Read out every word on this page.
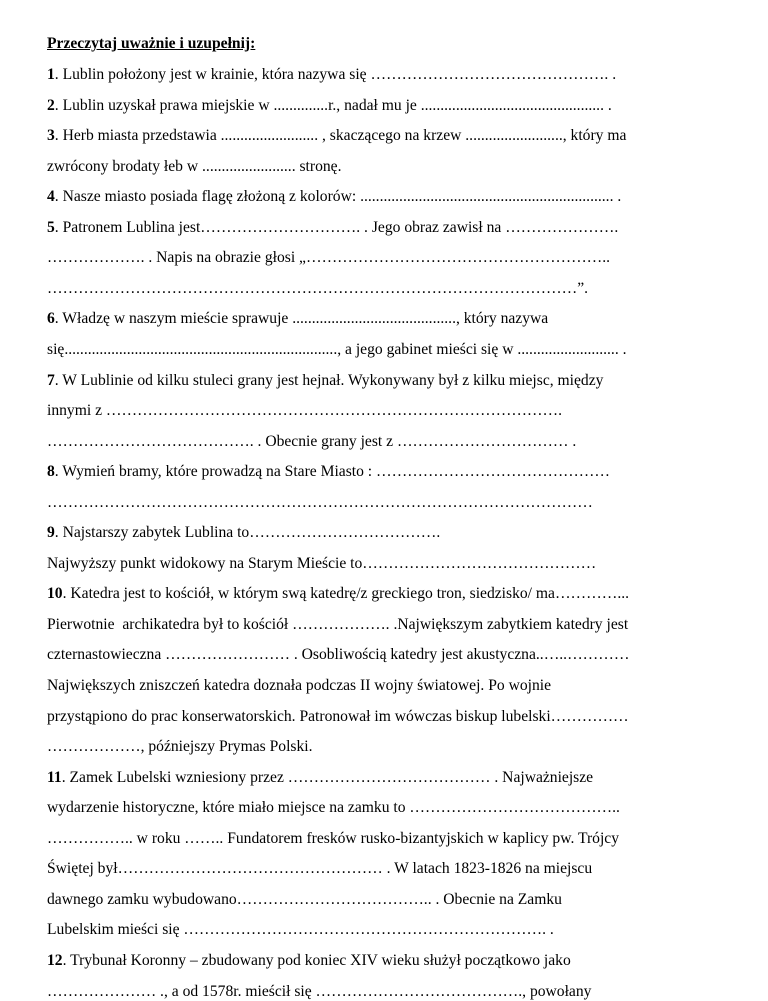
Przeczytaj uważnie i uzupełnij:
1. Lublin położony jest w krainie, która nazywa się ………………………………………. .
2. Lublin uzyskał prawa miejskie w ..............r., nadał mu je ............................................... .
3. Herb miasta przedstawia ......................... , skaczącego na krzew ........................., który ma
zwrócony brodaty łeb w ........................ stronę.
4. Nasze miasto posiada flagę złożoną z kolorów: ................................................................. .
5. Patronem Lublina jest…………………………. . Jego obraz zawisł na ………………….
………………. . Napis na obrazie głosi „…………………………………………………..
…………………………………………………………………………………………”.
6. Władzę w naszym mieście sprawuje .........................................., który nazywa
się......................................................................, a jego gabinet mieści się w .......................... .
7. W Lublinie od kilku stuleci grany jest hejnał. Wykonywany był z kilku miejsc, między
innymi z …………………………………………………………………………….
…………………………………. . Obecnie grany jest z …………………………… .
8. Wymień bramy, które prowadzą na Stare Miasto : ………………………………………
……………………………………………………………………………………………
9. Najstarszy zabytek Lublina to……………………………….
Najwyższy punkt widokowy na Starym Mieście to………………………………………
10. Katedra jest to kościół, w którym swą katedrę/z greckiego tron, siedzisko/ ma…………...
Pierwotnie  archikatedra był to kościół ………………. .Największym zabytkiem katedry jest
czternastowieczna …………………… . Osobliwością katedry jest akustyczna..…..…………
Największych zniszczeń katedra doznała podczas II wojny światowej. Po wojnie
przystąpiono do prac konserwatorskich. Patronował im wówczas biskup lubelski……………
………………, późniejszy Prymas Polski.
11. Zamek Lubelski wzniesiony przez ………………………………… . Najważniejsze
wydarzenie historyczne, które miało miejsce na zamku to …………………………………..
…………….. w roku …….. Fundatorem fresków rusko-bizantyjskich w kaplicy pw. Trójcy
Świętej był…………………………………………… . W latach 1823-1826 na miejscu
dawnego zamku wybudowano……………………………….. . Obecnie na Zamku
Lubelskim mieści się ……………………………………………………………. .
12. Trybunał Koronny – zbudowany pod koniec XIV wieku służył początkowo jako
………………… ., a od 1578r. mieścił się …………………………………., powołany
